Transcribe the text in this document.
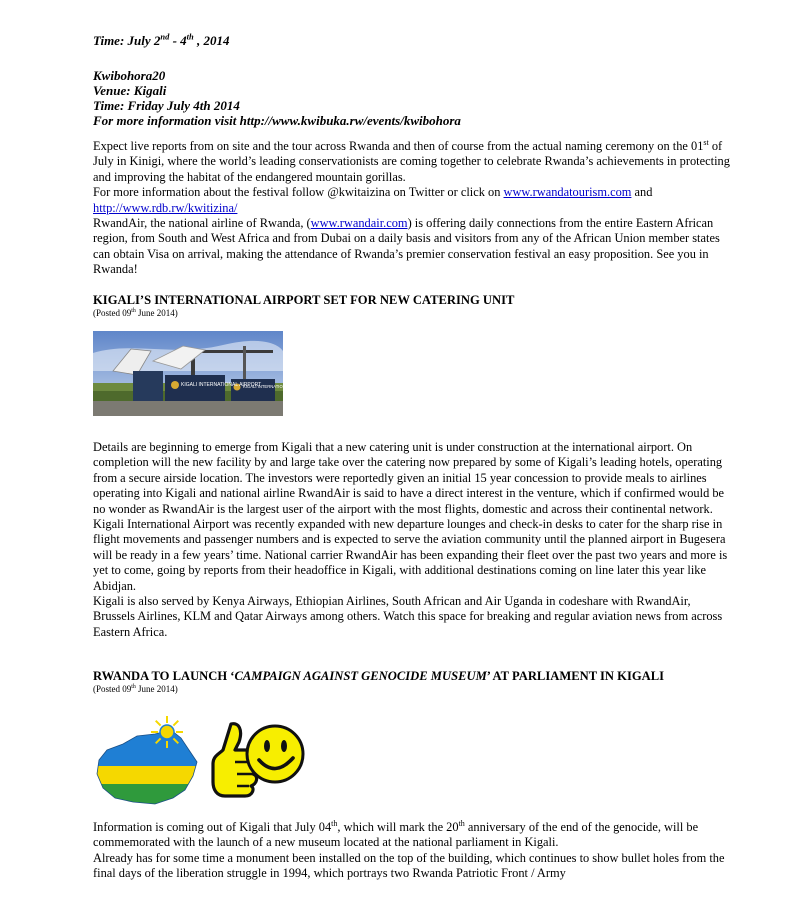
Time: July 2nd - 4th , 2014
Kwibohora20
Venue: Kigali
Time: Friday July 4th 2014
For more information visit http://www.kwibuka.rw/events/kwibohora

Expect live reports from on site and the tour across Rwanda and then of course from the actual naming ceremony on the 01st of July in Kinigi, where the world’s leading conservationists are coming together to celebrate Rwanda’s achievements in protecting and improving the habitat of the endangered mountain gorillas.

For more information about the festival follow @kwitaizina on Twitter or click on www.rwandatourism.com and
http://www.rdb.rw/kwitizina/

RwandAir, the national airline of Rwanda, (www.rwandair.com) is offering daily connections from the entire Eastern African region, from South and West Africa and from Dubai on a daily basis and visitors from any of the African Union member states can obtain Visa on arrival, making the attendance of Rwanda’s premier conservation festival an easy proposition. See you in Rwanda!

KIGALI’S INTERNATIONAL AIRPORT SET FOR NEW CATERING UNIT
(Posted 09th June 2014)
KIGALI INTERNATIONAL AIRPORT
KIGALI INTERNATIONAL AIRPORT

Details are beginning to emerge from Kigali that a new catering unit is under construction at the international airport. On completion will the new facility by and large take over the catering now prepared by some of Kigali’s leading hotels, operating from a secure airside location. The investors were reportedly given an initial 15 year concession to provide meals to airlines operating into Kigali and national airline RwandAir is said to have a direct interest in the venture, which if confirmed would be no wonder as RwandAir is the largest user of the airport with the most flights, domestic and across their continental network.

Kigali International Airport was recently expanded with new departure lounges and check-in desks to cater for the sharp rise in flight movements and passenger numbers and is expected to serve the aviation community until the planned airport in Bugesera will be ready in a few years’ time. National carrier RwandAir has been expanding their fleet over the past two years and more is yet to come, going by reports from their headoffice in Kigali, with additional destinations coming on line later this year like Abidjan.

Kigali is also served by Kenya Airways, Ethiopian Airlines, South African and Air Uganda in codeshare with RwandAir, Brussels Airlines, KLM and Qatar Airways among others. Watch this space for breaking and regular aviation news from across Eastern Africa.

RWANDA TO LAUNCH ‘CAMPAIGN AGAINST GENOCIDE MUSEUM’ AT PARLIAMENT IN KIGALI
(Posted 09th June 2014)

Information is coming out of Kigali that July 04th, which will mark the 20th anniversary of the end of the genocide, will be commemorated with the launch of a new museum located at the national parliament in Kigali.

Already has for some time a monument been installed on the top of the building, which continues to show bullet holes from the final days of the liberation struggle in 1994, which portrays two Rwanda Patriotic Front / Army
